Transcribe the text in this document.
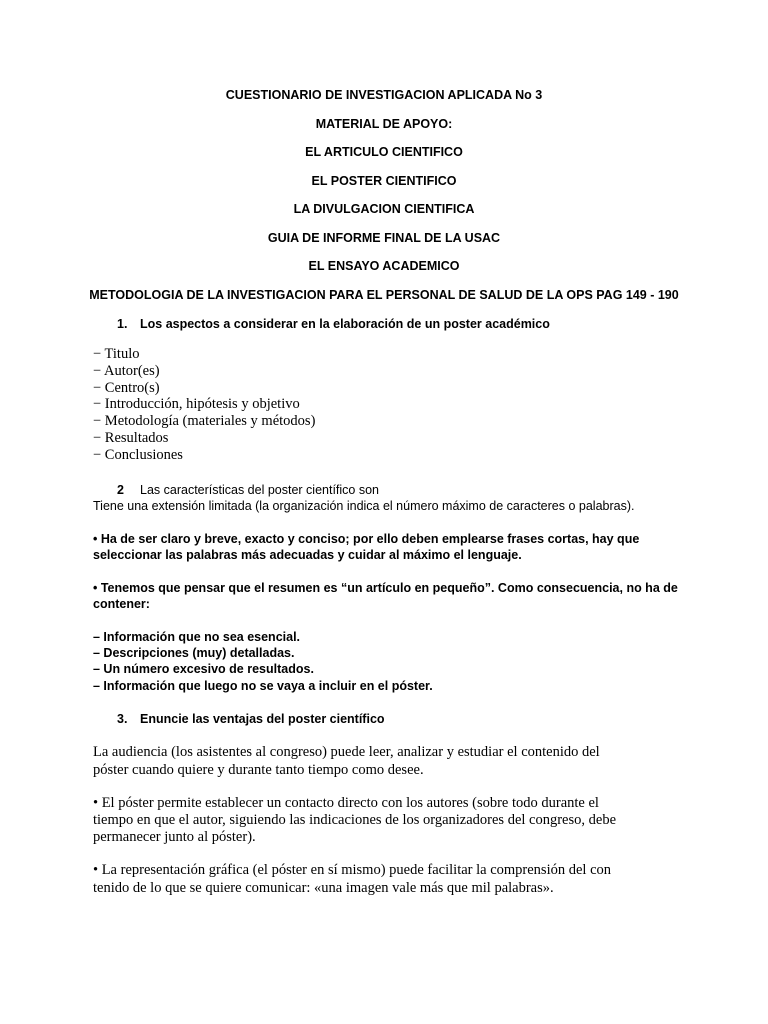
CUESTIONARIO DE INVESTIGACION APLICADA No 3
MATERIAL DE APOYO:
EL ARTICULO CIENTIFICO
EL POSTER CIENTIFICO
LA DIVULGACION CIENTIFICA
GUIA DE INFORME FINAL DE LA USAC
EL ENSAYO ACADEMICO
METODOLOGIA DE LA INVESTIGACION PARA EL PERSONAL DE SALUD DE LA OPS PAG 149 - 190
1. Los aspectos a considerar en la elaboración de un poster académico
− Titulo
− Autor(es)
− Centro(s)
− Introducción, hipótesis y objetivo
− Metodología (materiales y métodos)
− Resultados
− Conclusiones
2 Las características del poster científico son
Tiene una extensión limitada (la organización indica el número máximo de caracteres o palabras).
• Ha de ser claro y breve, exacto y conciso; por ello deben emplearse frases cortas, hay que
seleccionar las palabras más adecuadas y cuidar al máximo el lenguaje.
• Tenemos que pensar que el resumen es “un artículo en pequeño”. Como consecuencia, no ha de
contener:
– Información que no sea esencial.
– Descripciones (muy) detalladas.
– Un número excesivo de resultados.
– Información que luego no se vaya a incluir en el póster.
3. Enuncie las ventajas del poster científico
La audiencia (los asistentes al congreso) puede leer, analizar y estudiar el contenido del
póster cuando quiere y durante tanto tiempo como desee.
• El póster permite establecer un contacto directo con los autores (sobre todo durante el
tiempo en que el autor, siguiendo las indicaciones de los organizadores del congreso, debe
permanecer junto al póster).
• La representación gráfica (el póster en sí mismo) puede facilitar la comprensión del con
tenido de lo que se quiere comunicar: «una imagen vale más que mil palabras».
